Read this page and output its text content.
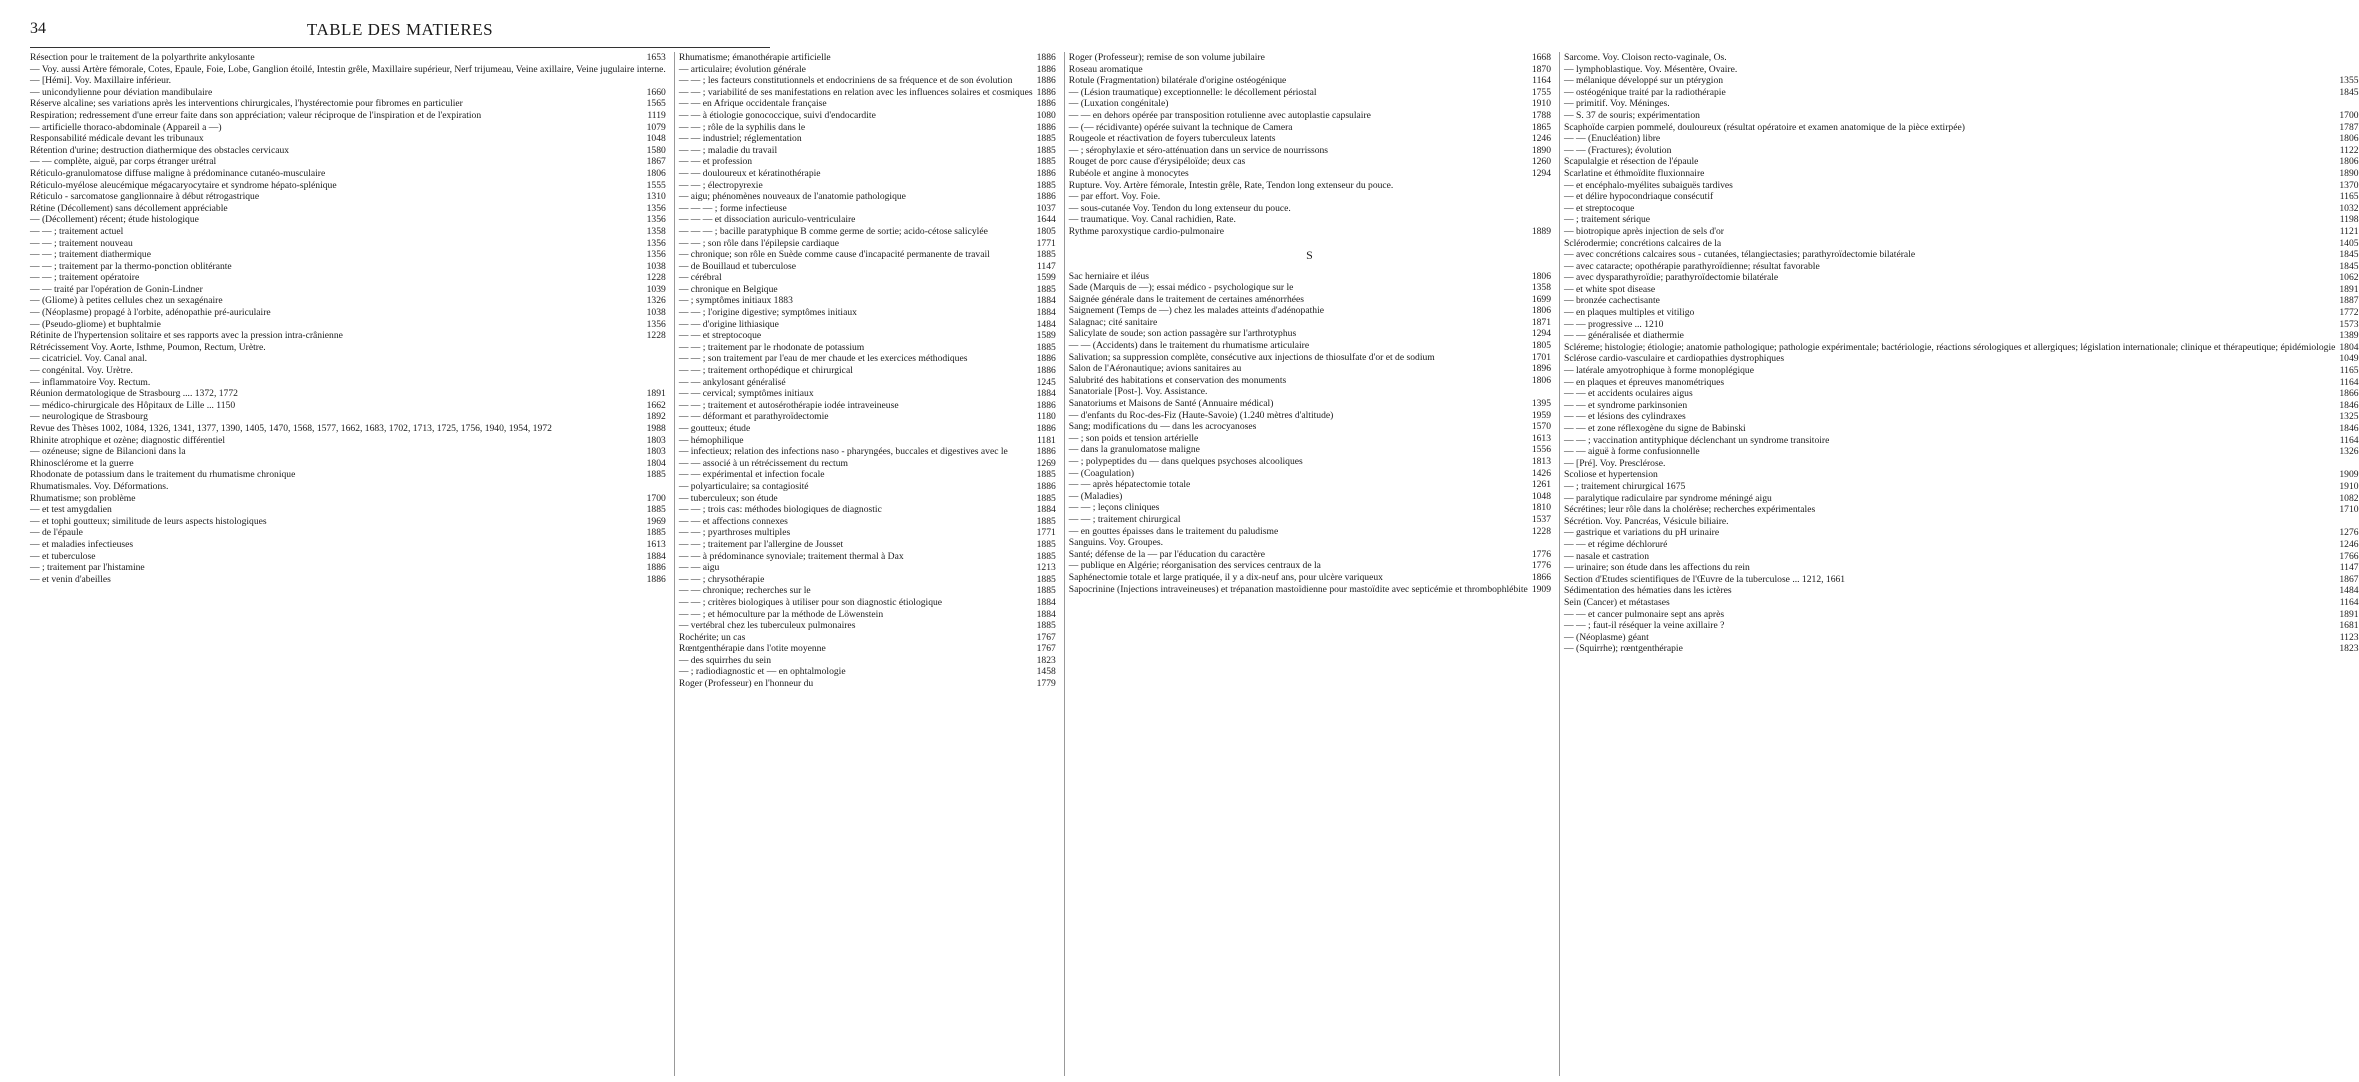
34	TABLE DES MATIERES
Résection pour le traitement de la polyarthrite ankylosante	1653
— Voy. aussi Artère fémorale, Cotes, Epaule, Foie, Lobe, Ganglion étoilé, Intestin grêle, Maxillaire supérieur, Nerf trijumeau, Veine axillaire, Veine jugulaire interne.
— [Hémi]. Voy. Maxillaire inférieur.
— unicondylienne pour déviation mandibulaire	1660
Réserve alcaline; ses variations après les interventions chirurgicales, l'hystérectomie pour fibromes en particulier	1565
Respiration; redressement d'une erreur faite dans son appréciation; valeur réciproque de l'inspiration et de l'expiration	1119
— artificielle thoraco-abdominale (Appareil a —)	1079
Responsabilité médicale devant les tribunaux	1048
Rétention d'urine; destruction diathermique des obstacles cervicaux	1580
— — complète, aiguë, par corps étranger urétral	1867
Réticulo-granulomatose diffuse maligne à prédominance cutanéo-musculaire	1806
Réticulo-myélose aleucémique mégacaryocytaire et syndrome hépato-splénique	1555
Réticulo - sarcomatose ganglionnaire à début rétrogastrique	1310
Rétine (Décollement) sans décollement appréciable	1356
— (Décollement) récent; étude histologique	1356
— — ; traitement actuel	1358
— — ; traitement nouveau	1356
— — ; traitement diathermique	1356
— — ; traitement par la thermo-ponction oblitérante	1038
— — ; traitement opératoire	1228
— — traité par l'opération de Gonin-Lindner	1039
— (Gliome) à petites cellules chez un sexagénaire	1326
— (Néoplasme) propagé à l'orbite, adénopathie pré-auriculaire	1038
— (Pseudo-gliome) et buphtalmie	1356
Rétinite de l'hypertension solitaire et ses rapports avec la pression intra-crânienne	1228
Rétrécissement Voy. Aorte, Isthme, Poumon, Rectum, Urètre.
— cicatriciel. Voy. Canal anal.
— congénital. Voy. Urètre.
— inflammatoire Voy. Rectum.
Réunion dermatologique de Strasbourg .... 1372, 1772	1891
— médico-chirurgicale des Hôpitaux de Lille ... 1150	1662
— neurologique de Strasbourg	1892
Revue des Thèses 1002, 1084, 1326, 1341, 1377, 1390, 1405, 1470, 1568, 1577, 1662, 1683, 1702, 1713, 1725, 1756, 1940, 1954, 1972	1988
Rhinite atrophique et ozène; diagnostic différentiel	1803
— ozéneuse; signe de Bilancioni dans la	1803
Rhinosclérome et la guerre	1804
Rhodonate de potassium dans le traitement du rhumatisme chronique	1885
Rhumatismales. Voy. Déformations.
Rhumatisme; son problème	1700
— et test amygdalien	1885
— et tophi goutteux; similitude de leurs aspects histologiques	1969
— de l'épaule	1885
— et maladies infectieuses	1613
— et tuberculose	1884
— ; traitement par l'histamine	1886
— et venin d'abeilles	1886
Rhumatisme; émanothérapie artificielle	1886
— articulaire; évolution générale	1886
— — ; les facteurs constitutionnels et endocriniens de sa fréquence et de son évolution	1886
— — ; variabilité de ses manifestations en relation avec les influences solaires et cosmiques 1886
— — en Afrique occidentale française	1886
— — à étiologie gonococcique, suivi d'endocardite	1080
— — ; rôle de la syphilis dans le	1886
— — industriel; réglementation	1885
— — ; maladie du travail	1885
— — et profession	1885
— — douloureux et kératinothérapie	1886
— — ; électropyrexie	1885
— aigu; phénomènes nouveaux de l'anatomie pathologique	1886
— — — ; forme infectieuse	1037
— — — et dissociation auriculo-ventriculaire	1644
— — — ; bacille paratyphique B comme germe de sortie; acido-cétose salicylée	1805
— — ; son rôle dans l'épilepsie cardiaque	1771
— chronique; son rôle en Suède comme cause d'incapacité permanente de travail	1885
— de Bouillaud et tuberculose	1147
— cérébral	1599
— chronique en Belgique	1885
— ; symptômes initiaux 1883	1884
— — ; l'origine digestive; symptômes initiaux	1884
— — d'origine lithiasique	1484
— — et streptocoque	1589
— — ; traitement par le rhodonate de potassium	1885
— — ; son traitement par l'eau de mer chaude et les exercices méthodiques	1886
— — ; traitement orthopédique et chirurgical	1886
— — ankylosant généralisé	1245
— — cervical; symptômes initiaux	1884
— — ; traitement et autosérothérapie iodée intraveineuse	1886
— — déformant et parathyroïdectomie	1180
— goutteux; étude	1886
— hémophilique	1181
— infectieux; relation des infections naso - pharyngées, buccales et digestives avec le	1886
— — associé à un rétrécissement du rectum	1269
— — expérimental et infection focale	1885
— polyarticulaire; sa contagiosité	1886
— tuberculeux; son étude	1885
— — ; trois cas: méthodes biologiques de diagnostic	1884
— — et affections connexes	1885
— — ; pyarthroses multiples	1771
— — ; traitement par l'allergine de Jousset	1885
— — à prédominance synoviale; traitement thermal à Dax	1885
— — aigu	1213
— — ; chrysothérapie	1885
— — chronique; recherches sur le	1885
— — ; critères biologiques à utiliser pour son diagnostic étiologique	1884
— — ; et hémoculture par la méthode de Löwenstein	1884
— vertébral chez les tuberculeux pulmonaires	1885
Rochérite; un cas	1767
Rœntgenthérapie dans l'otite moyenne	1767
— des squirrhes du sein	1823
— ; radiodiagnostic et — en ophtalmologie	1458
Roger (Professeur) en l'honneur du	1779
Roger (Professeur); remise de son volume jubilaire	1668
Roseau aromatique	1870
Rotule (Fragmentation) bilatérale d'origine ostéogénique	1164
— (Lésion traumatique) exceptionnelle: le décollement périostal	1755
— (Luxation congénitale)	1910
— — en dehors opérée par transposition rotulienne avec autoplastie capsulaire	1788
— (— récidivante) opérée suivant la technique de Camera	1865
Rougeole et réactivation de foyers tuberculeux latents	1246
— ; sérophylaxie et séro-atténuation dans un service de nourrissons	1890
Rouget de porc cause d'érysipéloïde; deux cas	1260
Rubéole et angine à monocytes	1294
Rupture. Voy. Artère fémorale, Intestin grêle, Rate, Tendon long extenseur du pouce.
— par effort. Voy. Foie.
— sous-cutanée Voy. Tendon du long extenseur du pouce.
— traumatique. Voy. Canal rachidien, Rate.
Rythme paroxystique cardio-pulmonaire	1889
S
Sac herniaire et iléus	1806
Sade (Marquis de —); essai médico - psychologique sur le	1358
Saignée générale dans le traitement de certaines aménorrhées	1699
Saignement (Temps de —) chez les malades atteints d'adénopathie	1806
Salagnac; cité sanitaire	1871
Salicylate de soude; son action passagère sur l'arthrotyphus	1294
— — (Accidents) dans le traitement du rhumatisme articulaire	1805
Salivation; sa suppression complète, consécutive aux injections de thiosulfate d'or et de sodium	1701
Salon de l'Aéronautique; avions sanitaires au	1896
Salubrité des habitations et conservation des monuments	1806
Sanatoriale [Post-]. Voy. Assistance.
Sanatoriums et Maisons de Santé (Annuaire médical)	1395
— d'enfants du Roc-des-Fiz (Haute-Savoie) (1.240 mètres d'altitude)	1959
Sang; modifications du — dans les acrocyanoses	1570
— ; son poids et tension artérielle	1613
— dans la granulomatose maligne	1556
— ; polypeptides du — dans quelques psychoses alcooliques	1813
— (Coagulation)	1426
— — après hépatectomie totale	1261
— (Maladies)	1048
— — ; leçons cliniques	1810
— — ; traitement chirurgical	1537
— en gouttes épaisses dans le traitement du paludisme	1228
Sanguins. Voy. Groupes.
Santé; défense de la — par l'éducation du caractère	1776
— publique en Algérie; réorganisation des services centraux de la	1776
Saphénectomie totale et large pratiquée, il y a dix-neuf ans, pour ulcère variqueux	1866
Sapocrinine (Injections intraveineuses) et trépanation mastoïdienne pour mastoïdite avec septicémie et thrombophlébite 1909
Sarcome. Voy. Cloison recto-vaginale, Os.
— lymphoblastique. Voy. Mésentère, Ovaire.
— mélanique développé sur un ptérygion	1355
— ostéogénique traité par la radiothérapie	1845
— primitif. Voy. Méninges.
— S. 37 de souris; expérimentation	1700
Scaphoïde carpien pommelé, douloureux (résultat opératoire et examen anatomique de la pièce extirpée)	1787
— — (Enucléation) libre	1806
— — (Fractures); évolution	1122
Scapulalgie et résection de l'épaule	1806
Scarlatine et éthmoïdite fluxionnaire	1890
— et encéphalo-myélites subaiguës tardives	1370
— et délire hypocondriaque consécutif	1165
— et streptocoque	1032
— ; traitement sérique	1198
— biotropique après injection de sels d'or	1121
Sclérodermie; concrétions calcaires de la	1405
— avec concrétions calcaires sous - cutanées, télangiectasies; parathyroïdectomie bilatérale	1845
— avec cataracte; opothérapie parathyroïdienne; résultat favorable	1845
— avec dysparathyroïdie; parathyroïdectomie bilatérale	1062
— et white spot disease	1891
— bronzée cachectisante	1887
— en plaques multiples et vitiligo	1772
— — progressive ... 1210	1573
— — généralisée et diathermie	1389
Scléreme; histologie; étiologie; anatomie pathologique; pathologie expérimentale; bactériologie, réactions sérologiques et allergiques; législation internationale; clinique et thérapeutique; épidémiologie 1804
Sclérose cardio-vasculaire et cardiopathies dystrophiques	1049
— latérale amyotrophique à forme monoplégique	1165
— en plaques et épreuves manométriques	1164
— — et accidents oculaires aigus	1866
— — et syndrome parkinsonien	1846
— — et lésions des cylindraxes	1325
— — et zone réflexogène du signe de Babinski	1846
— — ; vaccination antityphique déclenchant un syndrome transitoire	1164
— — aiguë à forme confusionnelle	1326
— [Pré]. Voy. Presclérose.
Scoliose et hypertension	1909
— ; traitement chirurgical 1675	1910
— paralytique radiculaire par syndrome méningé aigu	1082
Sécrétines; leur rôle dans la cholérèse; recherches expérimentales	1710
Sécrétion. Voy. Pancréas, Vésicule biliaire.
— gastrique et variations du pH urinaire	1276
— — et régime déchloruré	1246
— nasale et castration	1766
— urinaire; son étude dans les affections du rein	1147
Section d'Etudes scientifiques de l'Œuvre de la tuberculose ... 1212, 1661	1867
Sédimentation des hématies dans les ictères	1484
Sein (Cancer) et métastases	1164
— — et cancer pulmonaire sept ans après	1891
— — ; faut-il réséquer la veine axillaire ?	1681
— (Néoplasme) géant	1123
— (Squirrhe); rœntgenthérapie	1823
